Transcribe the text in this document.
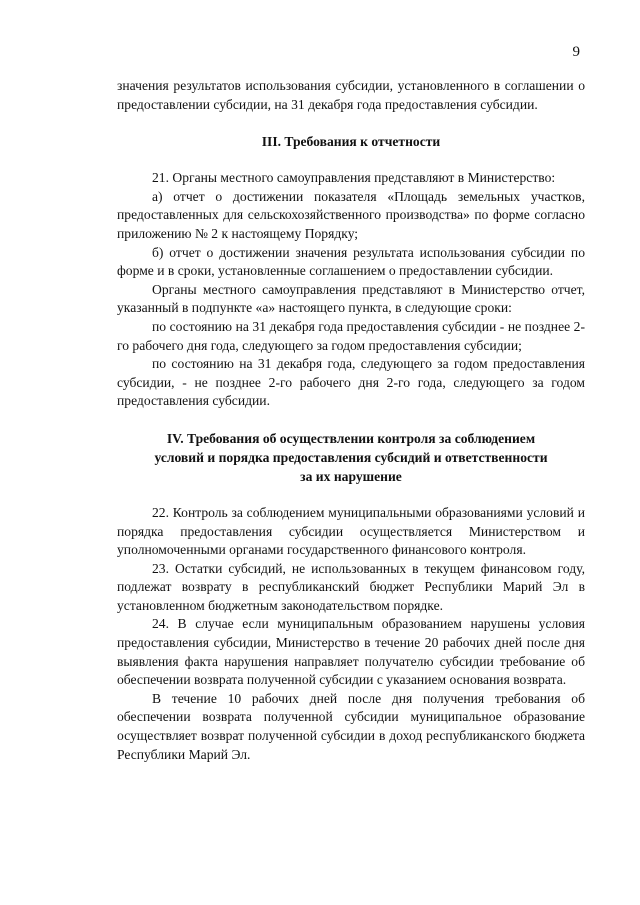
9

значения результатов использования субсидии, установленного в соглашении о предоставлении субсидии, на 31 декабря года предоставления субсидии.

III. Требования к отчетности

21. Органы местного самоуправления представляют в Министерство:

а) отчет о достижении показателя «Площадь земельных участков, предоставленных для сельскохозяйственного производства» по форме согласно приложению № 2 к настоящему Порядку;

б) отчет о достижении значения результата использования субсидии по форме и в сроки, установленные соглашением о предоставлении субсидии.

Органы местного самоуправления представляют в Министерство отчет, указанный в подпункте «а» настоящего пункта, в следующие сроки:

по состоянию на 31 декабря года предоставления субсидии - не позднее 2-го рабочего дня года, следующего за годом предоставления субсидии;

по состоянию на 31 декабря года, следующего за годом предоставления субсидии, - не позднее 2-го рабочего дня 2-го года, следующего за годом предоставления субсидии.

IV. Требования об осуществлении контроля за соблюдением
условий и порядка предоставления субсидий и ответственности
за их нарушение

22. Контроль за соблюдением муниципальными образованиями условий и порядка предоставления субсидии осуществляется Министерством и уполномоченными органами государственного финансового контроля.

23. Остатки субсидий, не использованных в текущем финансовом году, подлежат возврату в республиканский бюджет Республики Марий Эл в установленном бюджетным законодательством порядке.

24. В случае если муниципальным образованием нарушены условия предоставления субсидии, Министерство в течение 20 рабочих дней после дня выявления факта нарушения направляет получателю субсидии требование об обеспечении возврата полученной субсидии с указанием основания возврата.

В течение 10 рабочих дней после дня получения требования об обеспечении возврата полученной субсидии муниципальное образование осуществляет возврат полученной субсидии в доход республиканского бюджета Республики Марий Эл.
